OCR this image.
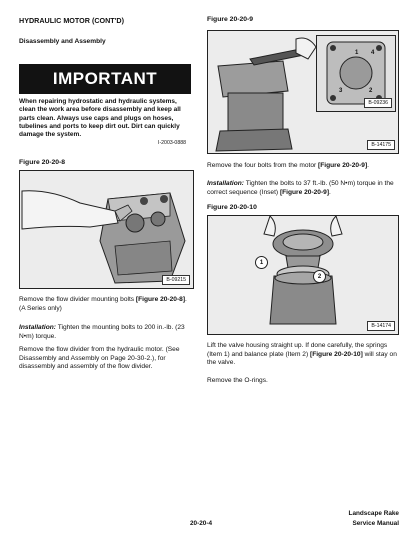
HYDRAULIC MOTOR (CONT'D)
Disassembly and Assembly
IMPORTANT
When repairing hydrostatic and hydraulic systems, clean the work area before disassembly and keep all parts clean. Always use caps and plugs on hoses, tubelines and ports to keep dirt out. Dirt can quickly damage the system.
I-2003-0888
Figure 20-20-8
B-09215
Remove the flow divider mounting bolts [Figure 20-20-8]. (A Series only)
Installation: Tighten the mounting bolts to 200 in.-lb. (23 N•m) torque.
Remove the flow divider from the hydraulic motor. (See Disassembly and Assembly on Page 20-30-2.), for disassembly and assembly of the flow divider.
Figure 20-20-9
1 4
3	2
B-09236
B-14175
Remove the four bolts from the motor [Figure 20-20-9].
Installation: Tighten the bolts to 37 ft.-lb. (50 N•m) torque in the correct sequence (Inset) [Figure 20-20-9].
Figure 20-20-10
1
2
B-14174
Lift the valve housing straight up. If done carefully, the springs (Item 1) and balance plate (Item 2) [Figure 20-20-10] will stay on the valve.
Remove the O-rings.
20-20-4
Landscape Rake
Service Manual
